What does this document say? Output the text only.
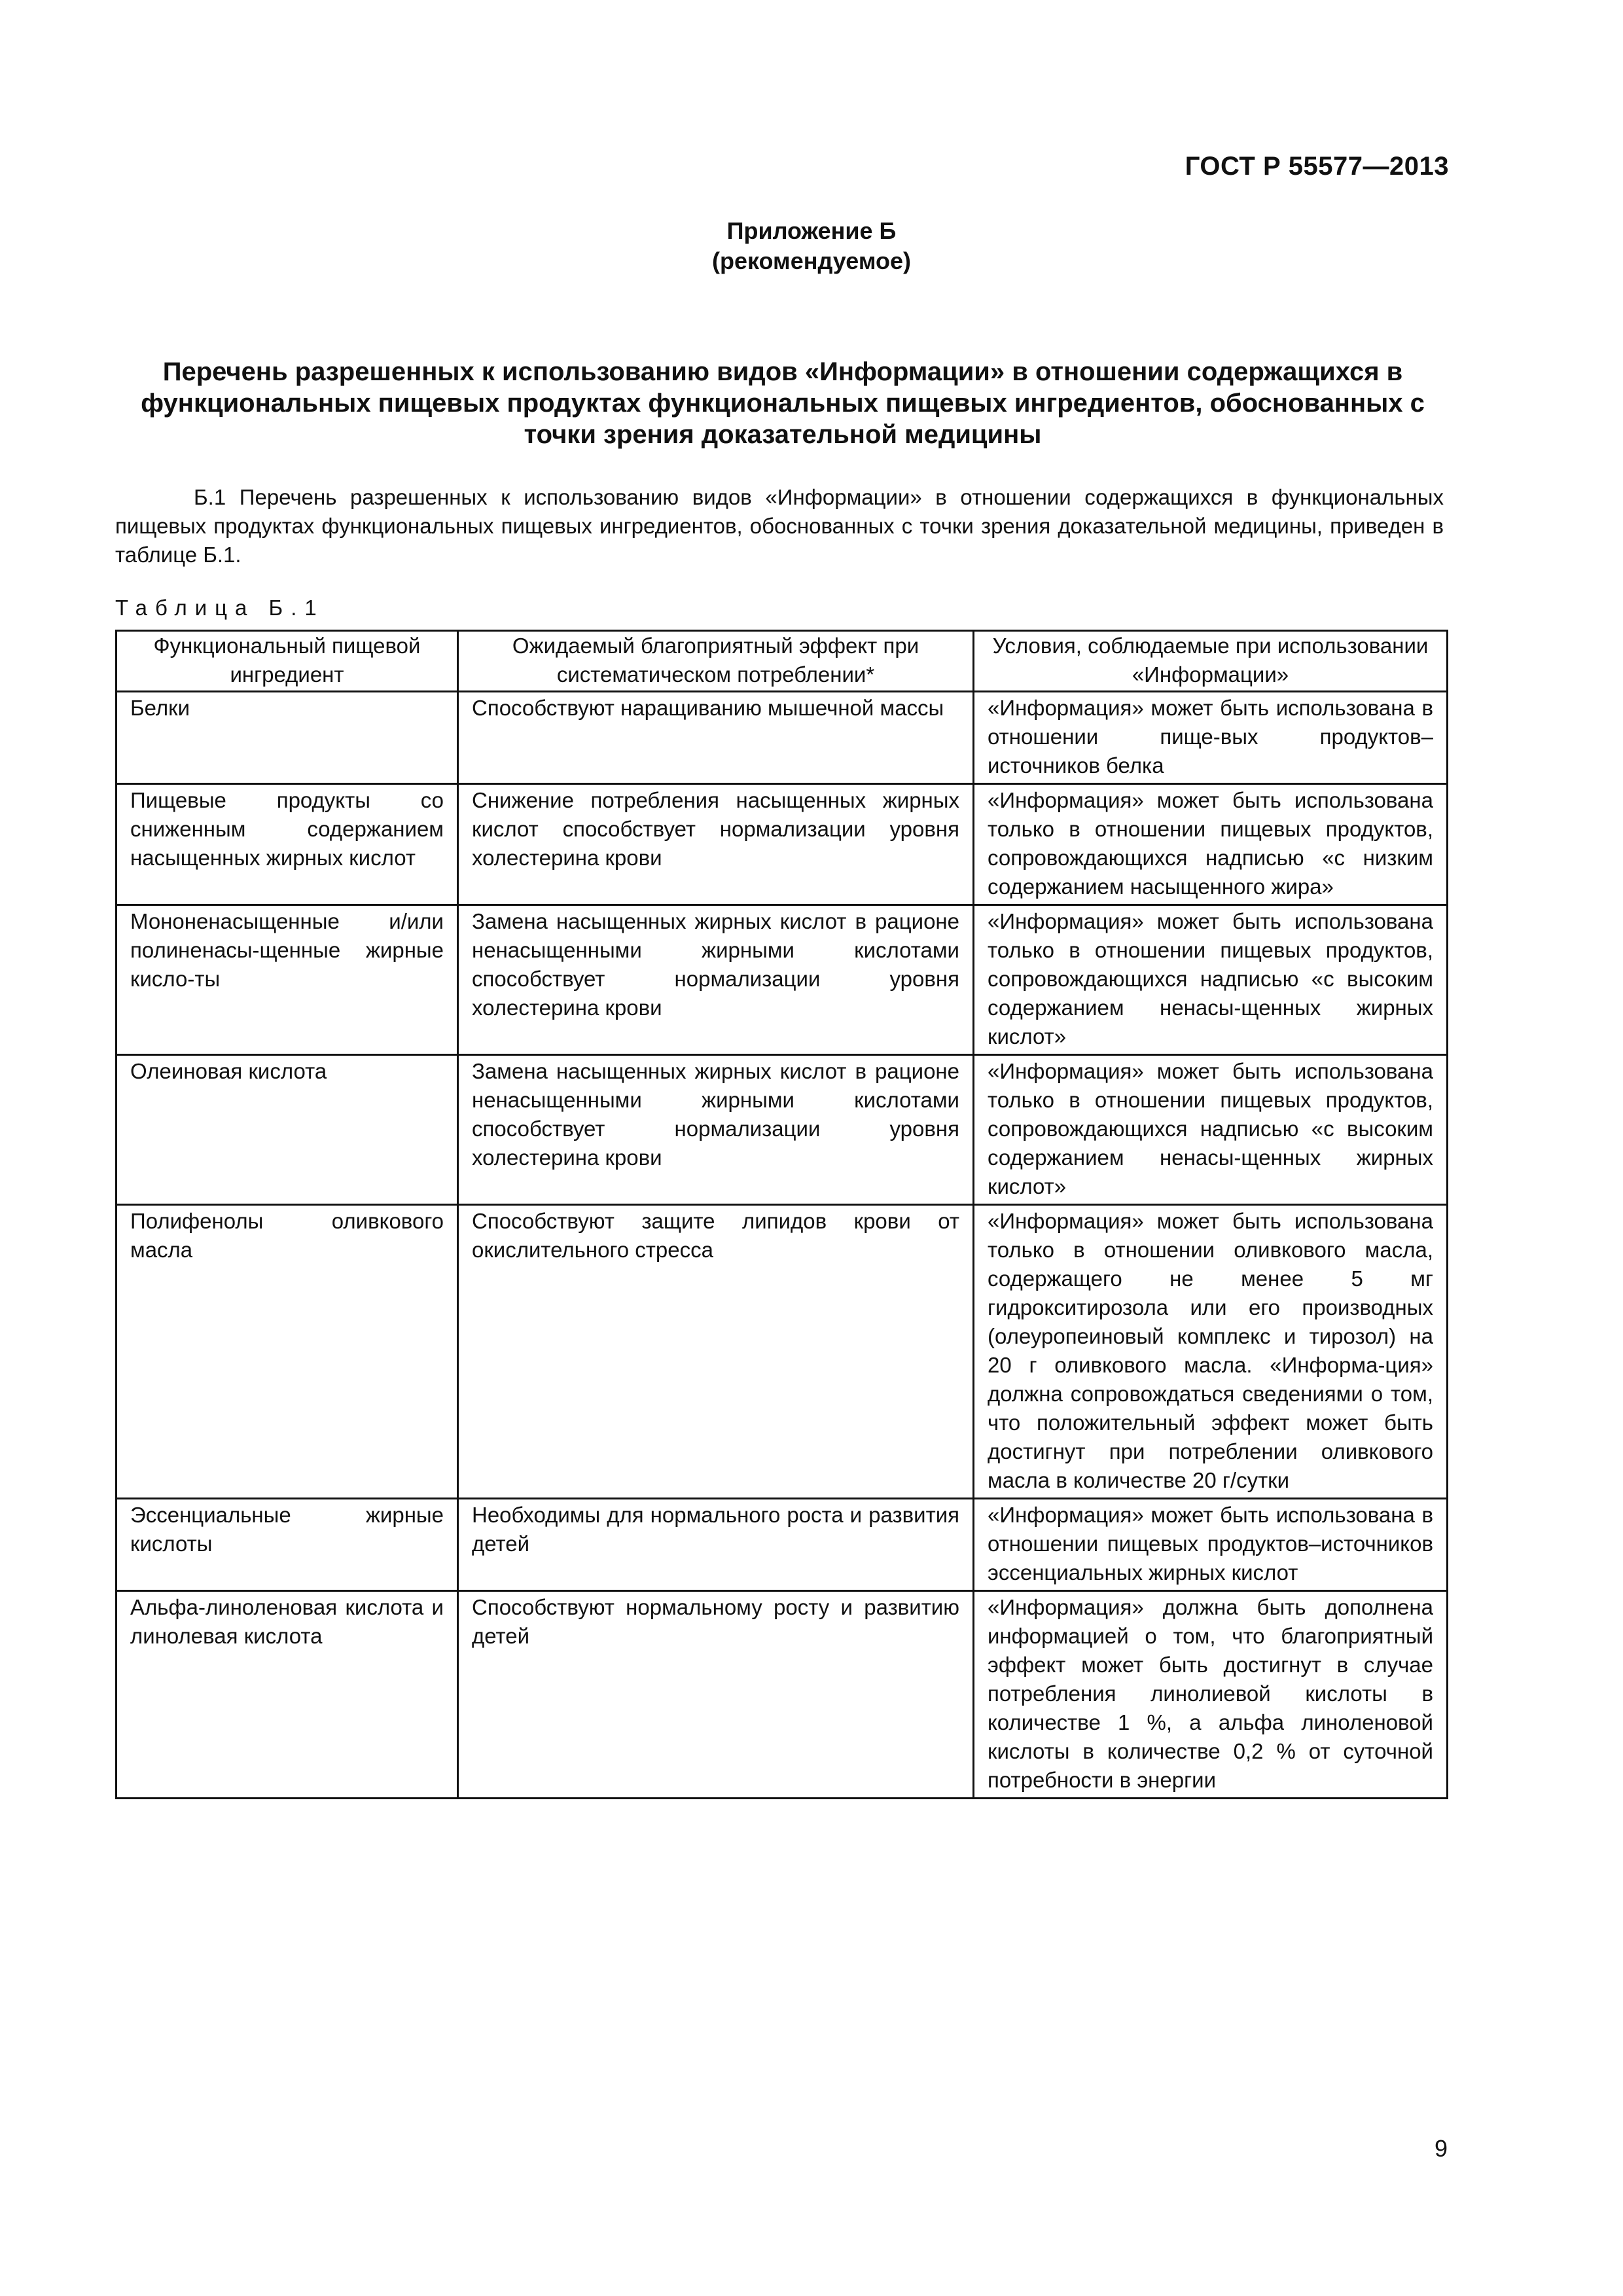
ГОСТ Р 55577—2013
Приложение Б
(рекомендуемое)
Перечень разрешенных к использованию видов «Информации» в отношении содержащихся в функциональных пищевых продуктах функциональных пищевых ингредиентов, обоснованных с точки зрения доказательной медицины

Б.1 Перечень разрешенных к использованию видов «Информации» в отношении содержащихся в функциональных пищевых продуктах функциональных пищевых ингредиентов, обоснованных с точки зрения доказательной медицины, приведен в таблице Б.1.

Таблица Б.1
Функциональный пищевой ингредиент	Ожидаемый благоприятный эффект при систематическом потреблении*	Условия, соблюдаемые при использовании «Информации»
Белки	Способствуют наращиванию мышечной массы	«Информация» может быть использована в отношении пище-вых продуктов–источников белка
Пищевые продукты со сниженным содержанием насыщенных жирных кислот	Снижение потребления насыщенных жирных кислот способствует нормализации уровня холестерина крови	«Информация» может быть использована только в отношении пищевых продуктов, сопровождающихся надписью «с низким содержанием насыщенного жира»
Мононенасыщенные и/или полиненасы-щенные жирные кисло-ты	Замена насыщенных жирных кислот в рационе ненасыщенными жирными кислотами способствует нормализации уровня холестерина крови	«Информация» может быть использована только в отношении пищевых продуктов, сопровождающихся надписью «с высоким содержанием ненасы-щенных жирных кислот»
Олеиновая кислота	Замена насыщенных жирных кислот в рационе ненасыщенными жирными кислотами способствует нормализации уровня холестерина крови	«Информация» может быть использована только в отношении пищевых продуктов, сопровождающихся надписью «с высоким содержанием ненасы-щенных жирных кислот»
Полифенолы оливкового масла	Способствуют защите липидов крови от окислительного стресса	«Информация» может быть использована только в отношении оливкового масла, содержащего не менее 5 мг гидрокситирозола или его производных (олеуропеиновый комплекс и тирозол) на 20 г оливкового масла. «Информа-ция» должна сопровождаться сведениями о том, что положительный эффект может быть достигнут при потреблении оливкового масла в количестве 20 г/сутки
Эссенциальные жирные кислоты	Необходимы для нормального роста и развития детей	«Информация» может быть использована в отношении пищевых продуктов–источников эссенциальных жирных кислот
Альфа-линоленовая кислота и линолевая кислота	Способствуют нормальному росту и развитию детей	«Информация» должна быть дополнена информацией о том, что благоприятный эффект может быть достигнут в случае потребления линолиевой кислоты в количестве 1 %, а альфа линоленовой кислоты в количестве 0,2 % от суточной потребности в энергии
9
